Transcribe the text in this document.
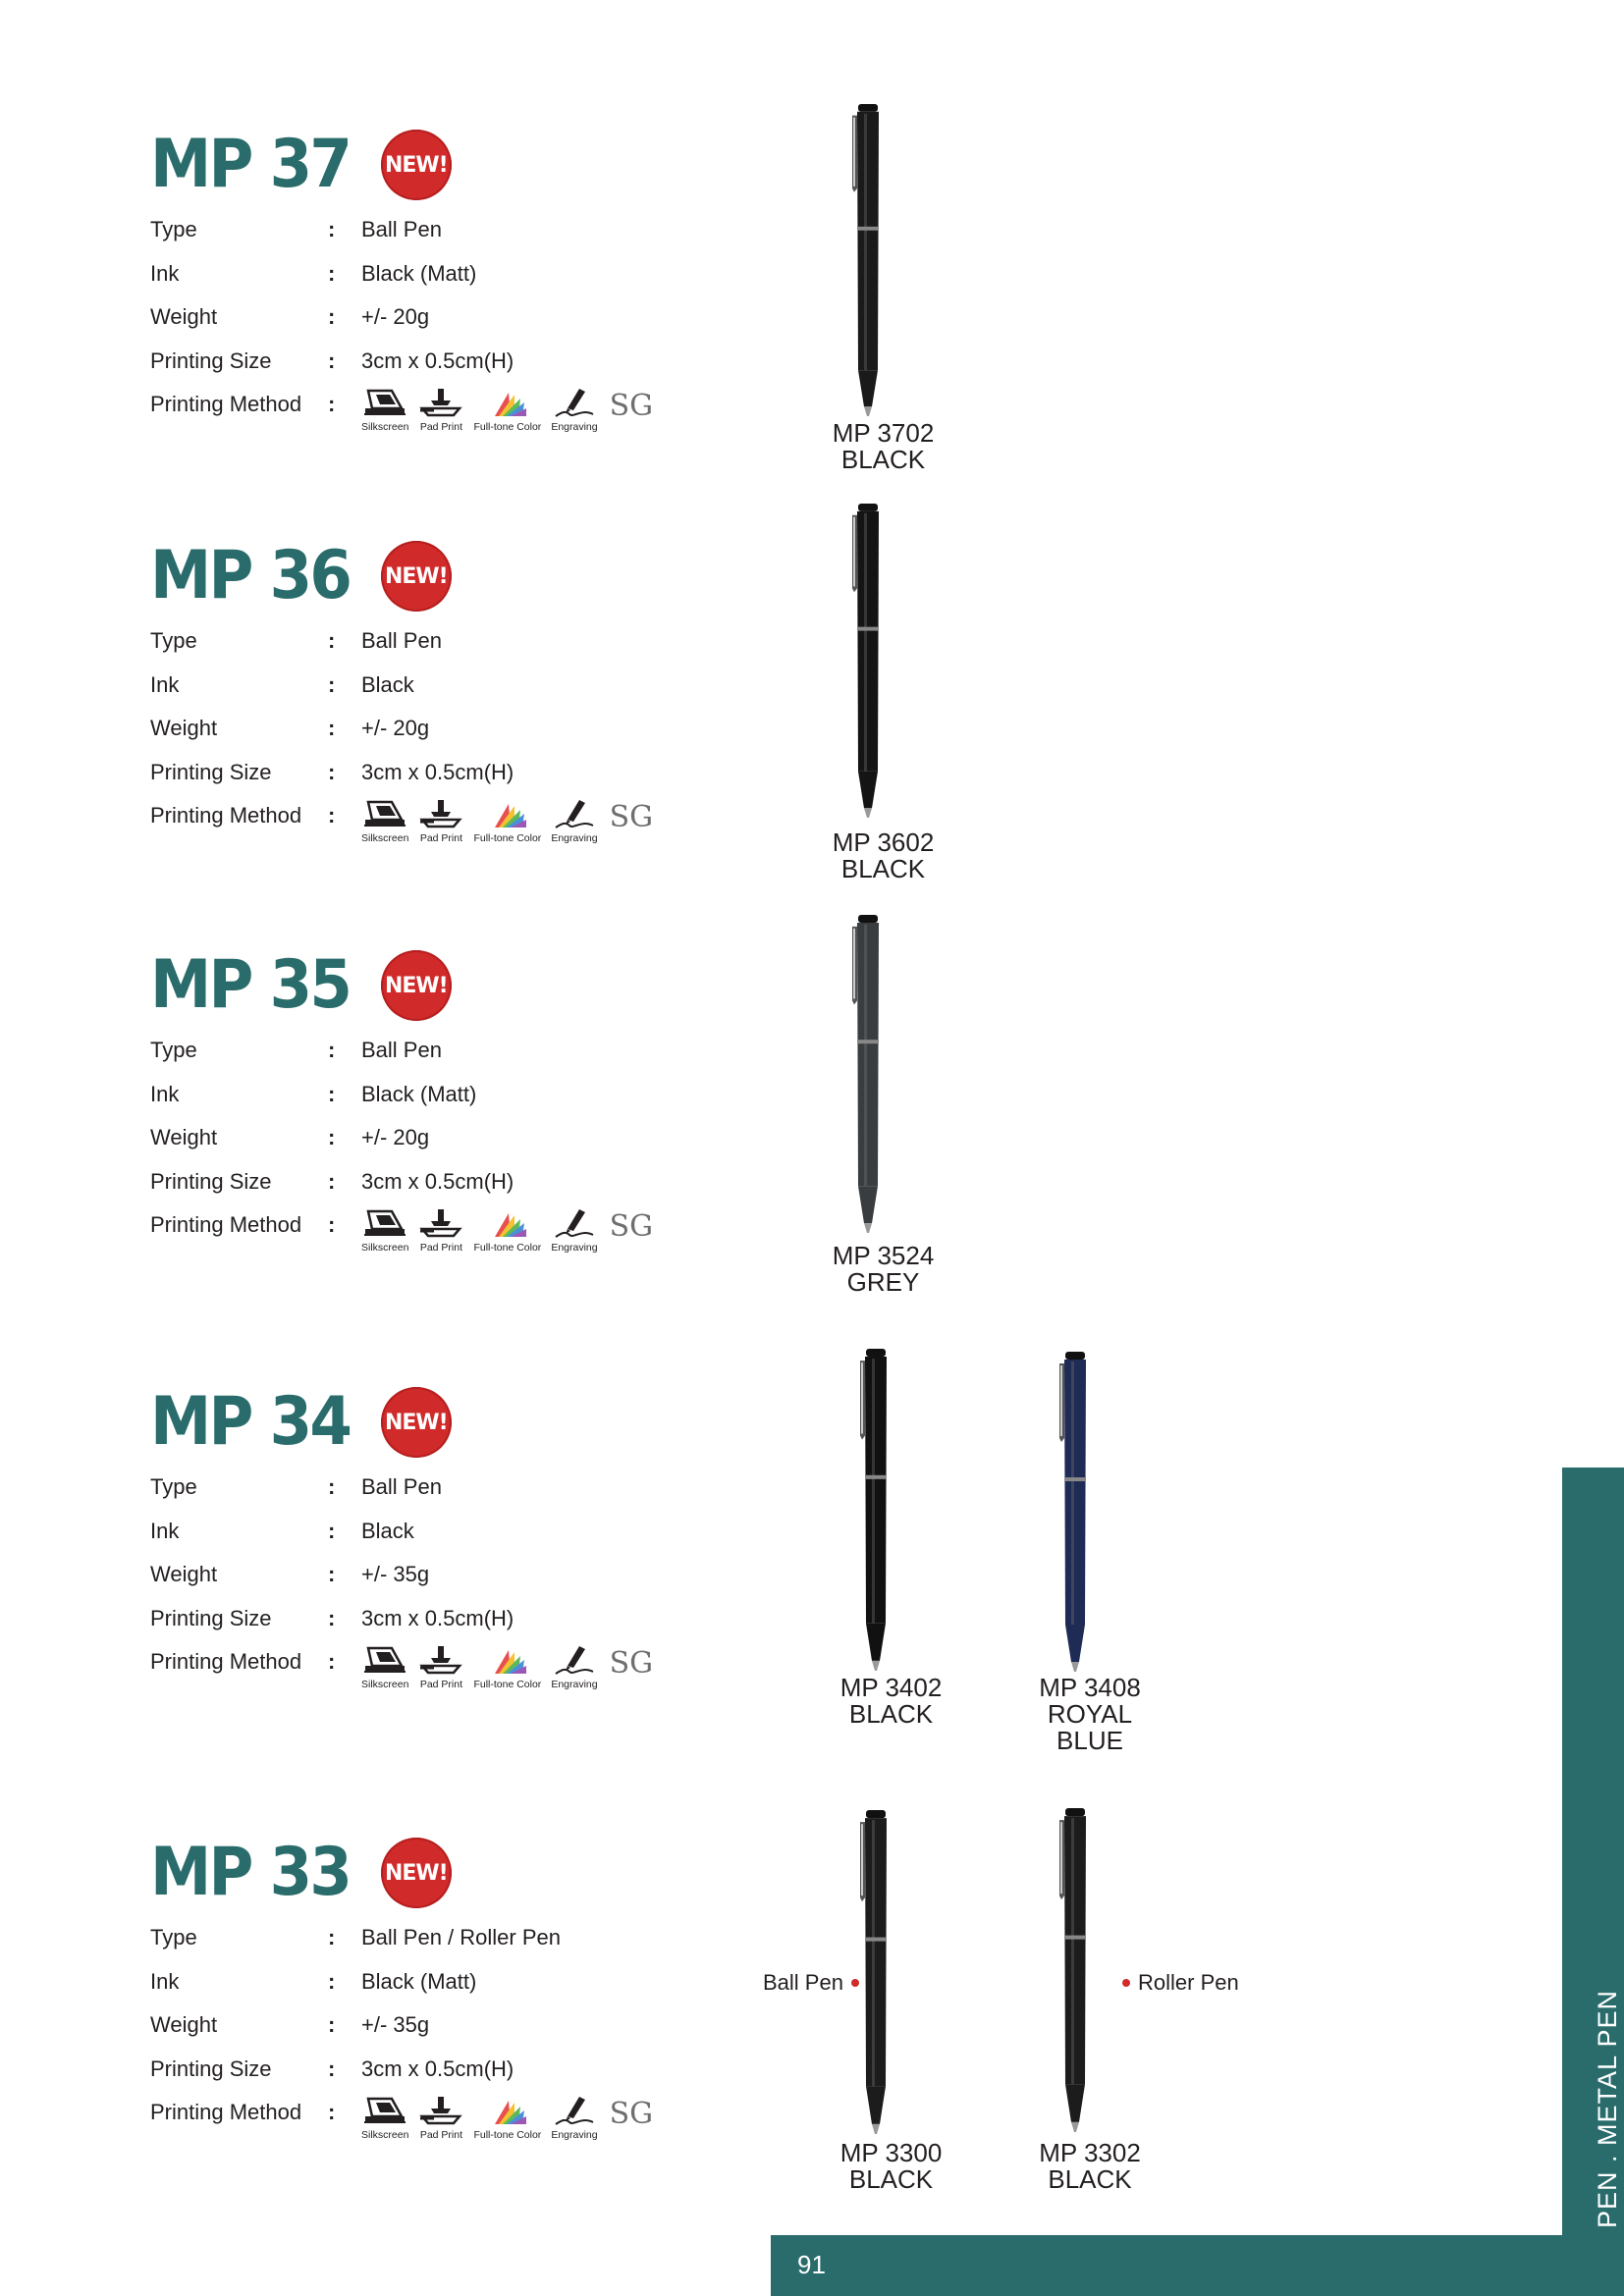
MP 37 NEW!
Type	: Ball Pen
Ink	: Black (Matt)
Weight	: +/- 20g
Printing Size	: 3cm x 0.5cm(H)
Printing Method :
Silkscreen Pad Print Full-tone Color Engraving
SG
MP 3702
BLACK
MP 36 NEW!
Type	: Ball Pen
Ink	: Black
Weight	: +/- 20g
Printing Size	: 3cm x 0.5cm(H)
Printing Method :
Silkscreen Pad Print Full-tone Color Engraving
SG
MP 3602
BLACK
MP 35 NEW!
Type	: Ball Pen
Ink	: Black (Matt)
Weight	: +/- 20g
Printing Size	: 3cm x 0.5cm(H)
Printing Method :
Silkscreen Pad Print Full-tone Color Engraving
SG
MP 3524
GREY
MP 34 NEW!
Type	: Ball Pen
Ink	: Black
Weight	: +/- 35g
Printing Size	: 3cm x 0.5cm(H)
Printing Method :
Silkscreen Pad Print Full-tone Color Engraving
SG
MP 3402
BLACK
MP 3408
ROYAL
BLUE
MP 33 NEW!
Type	: Ball Pen / Roller Pen
Ink	: Black (Matt)
Weight	: +/- 35g
Printing Size	: 3cm x 0.5cm(H)
Printing Method :
Silkscreen Pad Print Full-tone Color Engraving
SG
MP 3300
BLACK
Ball Pen
MP 3302
BLACK
Roller Pen
PEN . METAL PEN
91
